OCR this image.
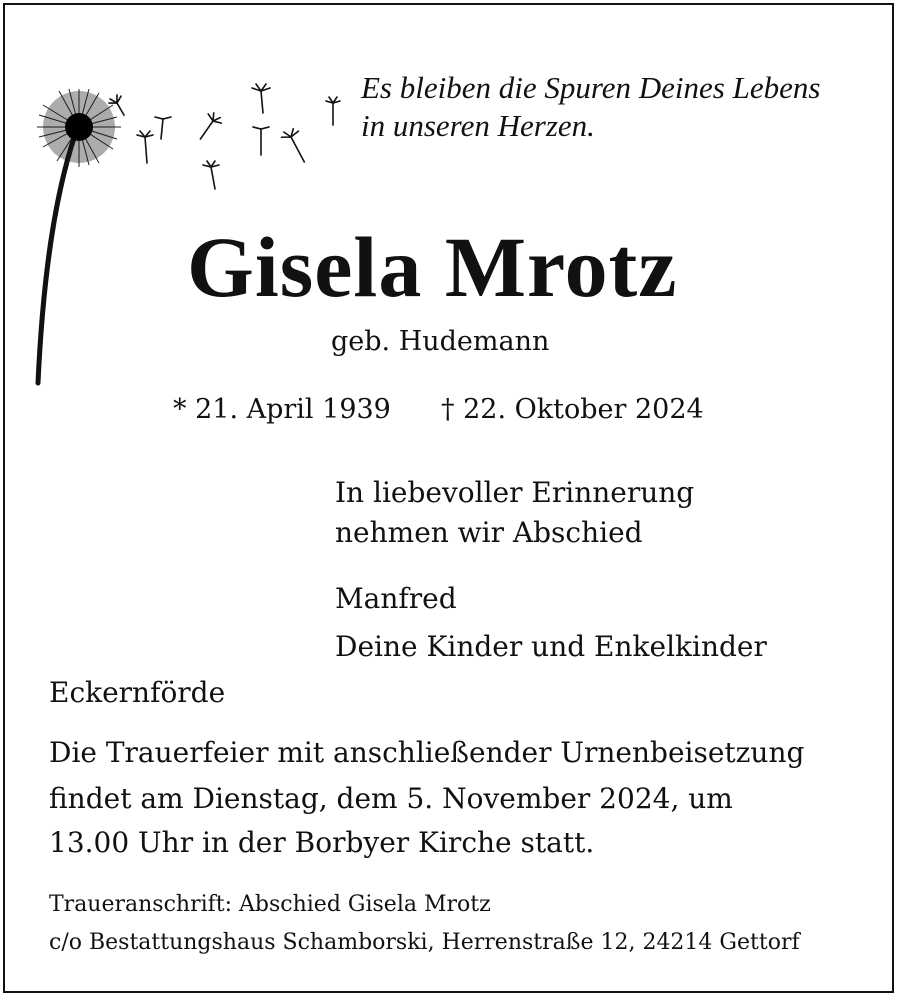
Es bleiben die Spuren Deines Lebens

in unseren Herzen.

Gisela Mrotz

geb. Hudemann

* 21. April 1939 † 22. Oktober 2024

In liebevoller Erinnerung

nehmen wir Abschied

Manfred

Deine Kinder und Enkelkinder

Eckernförde

Die Trauerfeier mit anschließender Urnenbeisetzung

findet am Dienstag, dem 5. November 2024, um

13.00 Uhr in der Borbyer Kirche statt.

Traueranschrift: Abschied Gisela Mrotz

c/o Bestattungshaus Schamborski, Herrenstraße 12, 24214 Gettorf
